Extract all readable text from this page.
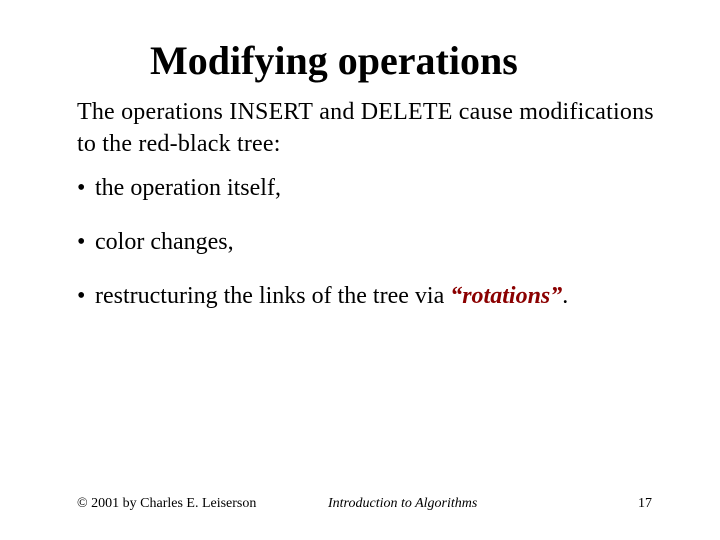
Modifying operations

The operations INSERT and DELETE cause modifications to the red-black tree:

• the operation itself,
• color changes,
• restructuring the links of the tree via “rotations”.
© 2001 by Charles E. Leiserson	Introduction to Algorithms	17
